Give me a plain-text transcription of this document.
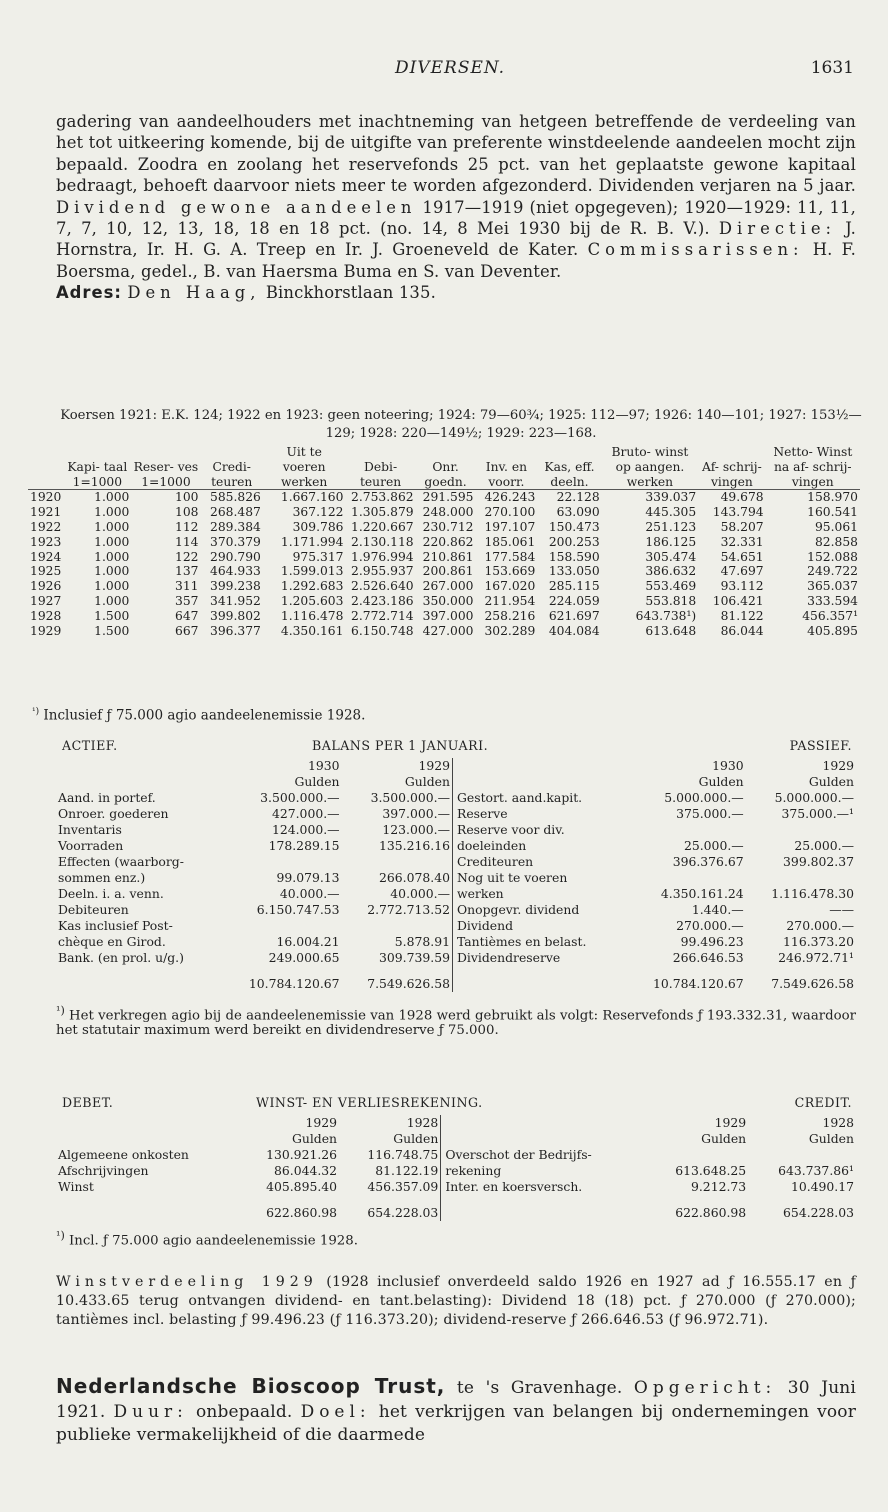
DIVERSEN.	1631

gadering van aandeelhouders met inachtneming van hetgeen betreffende de verdeeling van het tot uitkeering komende, bij de uitgifte van preferente winstdeelende aandeelen mocht zijn bepaald. Zoodra en zoolang het reservefonds 25 pct. van het geplaatste gewone kapitaal bedraagt, behoeft daarvoor niets meer te worden afgezonderd. Dividenden verjaren na 5 jaar. Dividend gewone aandeelen 1917—1919 (niet opgegeven); 1920—1929: 11, 11, 7, 7, 10, 12, 13, 18, 18 en 18 pct. (no. 14, 8 Mei 1930 bij de R. B. V.). Directie: J. Hornstra, Ir. H. G. A. Treep en Ir. J. Groeneveld de Kater. Commissarissen: H. F. Boersma, gedel., B. van Haersma Buma en S. van Deventer.

Adres: Den Haag, Binckhorstlaan 135.

Koersen 1921: E.K. 124; 1922 en 1923: geen noteering; 1924: 79—60¾; 1925: 112—97; 1926: 140—101; 1927: 153½—129; 1928: 220—149½; 1929: 223—168.
	Kapi- taal 1=1000	Reser- ves 1=1000	Credi- teuren	Uit te voeren werken	Debi- teuren	Onr. goedn.	Inv. en voorr.	Kas, eff. deeln.	Bruto- winst op aangen. werken	Af- schrij- vingen	Netto- Winst na af- schrij- vingen
1920	1.000	100	585.826	1.667.160	2.753.862	291.595	426.243	22.128	339.037	49.678	158.970
1921	1.000	108	268.487	367.122	1.305.879	248.000	270.100	63.090	445.305	143.794	160.541
1922	1.000	112	289.384	309.786	1.220.667	230.712	197.107	150.473	251.123	58.207	95.061
1923	1.000	114	370.379	1.171.994	2.130.118	220.862	185.061	200.253	186.125	32.331	82.858
1924	1.000	122	290.790	975.317	1.976.994	210.861	177.584	158.590	305.474	54.651	152.088
1925	1.000	137	464.933	1.599.013	2.955.937	200.861	153.669	133.050	386.632	47.697	249.722
1926	1.000	311	399.238	1.292.683	2.526.640	267.000	167.020	285.115	553.469	93.112	365.037
1927	1.000	357	341.952	1.205.603	2.423.186	350.000	211.954	224.059	553.818	106.421	333.594
1928	1.500	647	399.802	1.116.478	2.772.714	397.000	258.216	621.697	643.738¹)	81.122	456.357¹
1929	1.500	667	396.377	4.350.161	6.150.748	427.000	302.289	404.084	613.648	86.044	405.895
$^{^1)}$ Inclusief ƒ 75.000 agio aandeelenemissie 1928.
ACTIEF.	BALANS PER 1 JANUARI.	PASSIEF.
	1930	1929		1930	1929
	Gulden	Gulden		Gulden	Gulden
Aand. in portef.	3.500.000.—	3.500.000.—	Gestort. aand.kapit.	5.000.000.—	5.000.000.—
Onroer. goederen	427.000.—	397.000.—	Reserve	375.000.—	375.000.—¹
Inventaris	124.000.—	123.000.—	Reserve voor div.		
Voorraden	178.289.15	135.216.16	doeleinden	25.000.—	25.000.—
Effecten (waarborg-			Crediteuren	396.376.67	399.802.37
sommen enz.)	99.079.13	266.078.40	Nog uit te voeren		
Deeln. i. a. venn.	40.000.—	40.000.—	werken	4.350.161.24	1.116.478.30
Debiteuren	6.150.747.53	2.772.713.52	Onopgevr. dividend	1.440.—	——
Kas inclusief Post-			Dividend	270.000.—	270.000.—
chèque en Girod.	16.004.21	5.878.91	Tantièmes en belast.	99.496.23	116.373.20
Bank. (en prol. u/g.)	249.000.65	309.739.59	Dividendreserve	266.646.53	246.972.71¹
	10.784.120.67	7.549.626.58		10.784.120.67	7.549.626.58
$^{^1)}$ Het verkregen agio bij de aandeelenemissie van 1928 werd gebruikt als volgt: Reservefonds ƒ 193.332.31, waardoor het statutair maximum werd bereikt en dividendreserve ƒ 75.000.
DEBET.	WINST- EN VERLIESREKENING.	CREDIT.
	1929	1928		1929	1928
	Gulden	Gulden		Gulden	Gulden
Algemeene onkosten	130.921.26	116.748.75	Overschot der Bedrijfs-		
Afschrijvingen	86.044.32	81.122.19	rekening	613.648.25	643.737.86¹
Winst	405.895.40	456.357.09	Inter. en koersversch.	9.212.73	10.490.17
	622.860.98	654.228.03		622.860.98	654.228.03
$^{^1)}$ Incl. ƒ 75.000 agio aandeelenemissie 1928.

Winstverdeeling 1929 (1928 inclusief onverdeeld saldo 1926 en 1927 ad ƒ 16.555.17 en ƒ 10.433.65 terug ontvangen dividend- en tant.belasting): Dividend 18 (18) pct. ƒ 270.000 (ƒ 270.000); tantièmes incl. belasting ƒ 99.496.23 (ƒ 116.373.20); dividend-reserve ƒ 266.646.53 (ƒ 96.972.71).

Nederlandsche Bioscoop Trust, te 's Gravenhage. Opgericht: 30 Juni 1921. Duur: onbepaald. Doel: het verkrijgen van belangen bij ondernemingen voor publieke vermakelijkheid of die daarmede
